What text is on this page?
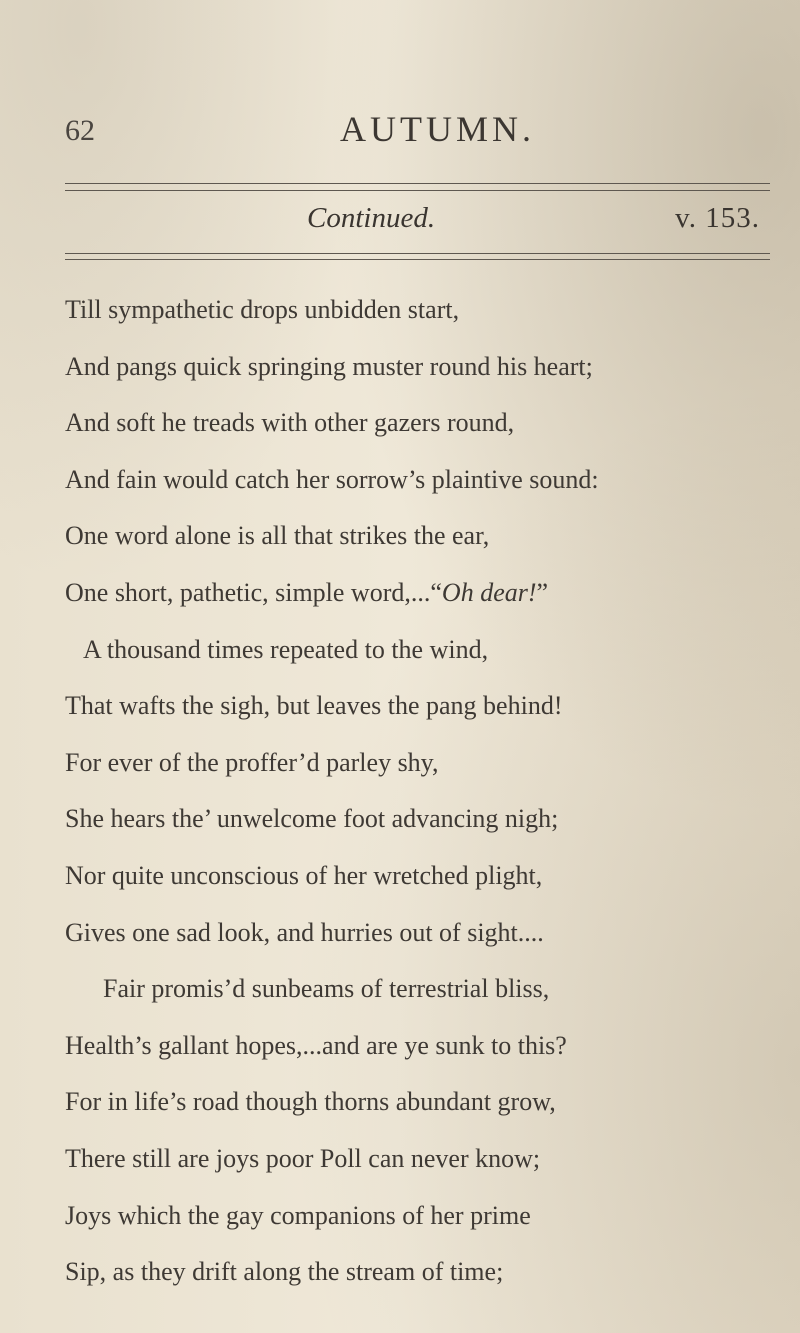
62	AUTUMN.
Continued.	v. 153.
Till sympathetic drops unbidden start,
And pangs quick springing muster round his heart;
And soft he treads with other gazers round,
And fain would catch her sorrow’s plaintive sound:
One word alone is all that strikes the ear,
One short, pathetic, simple word,...“Oh dear!”
A thousand times repeated to the wind,
That wafts the sigh, but leaves the pang behind!
For ever of the proffer’d parley shy,
She hears the’ unwelcome foot advancing nigh;
Nor quite unconscious of her wretched plight,
Gives one sad look, and hurries out of sight....
Fair promis’d sunbeams of terrestrial bliss,
Health’s gallant hopes,...and are ye sunk to this?
For in life’s road though thorns abundant grow,
There still are joys poor Poll can never know;
Joys which the gay companions of her prime
Sip, as they drift along the stream of time;
